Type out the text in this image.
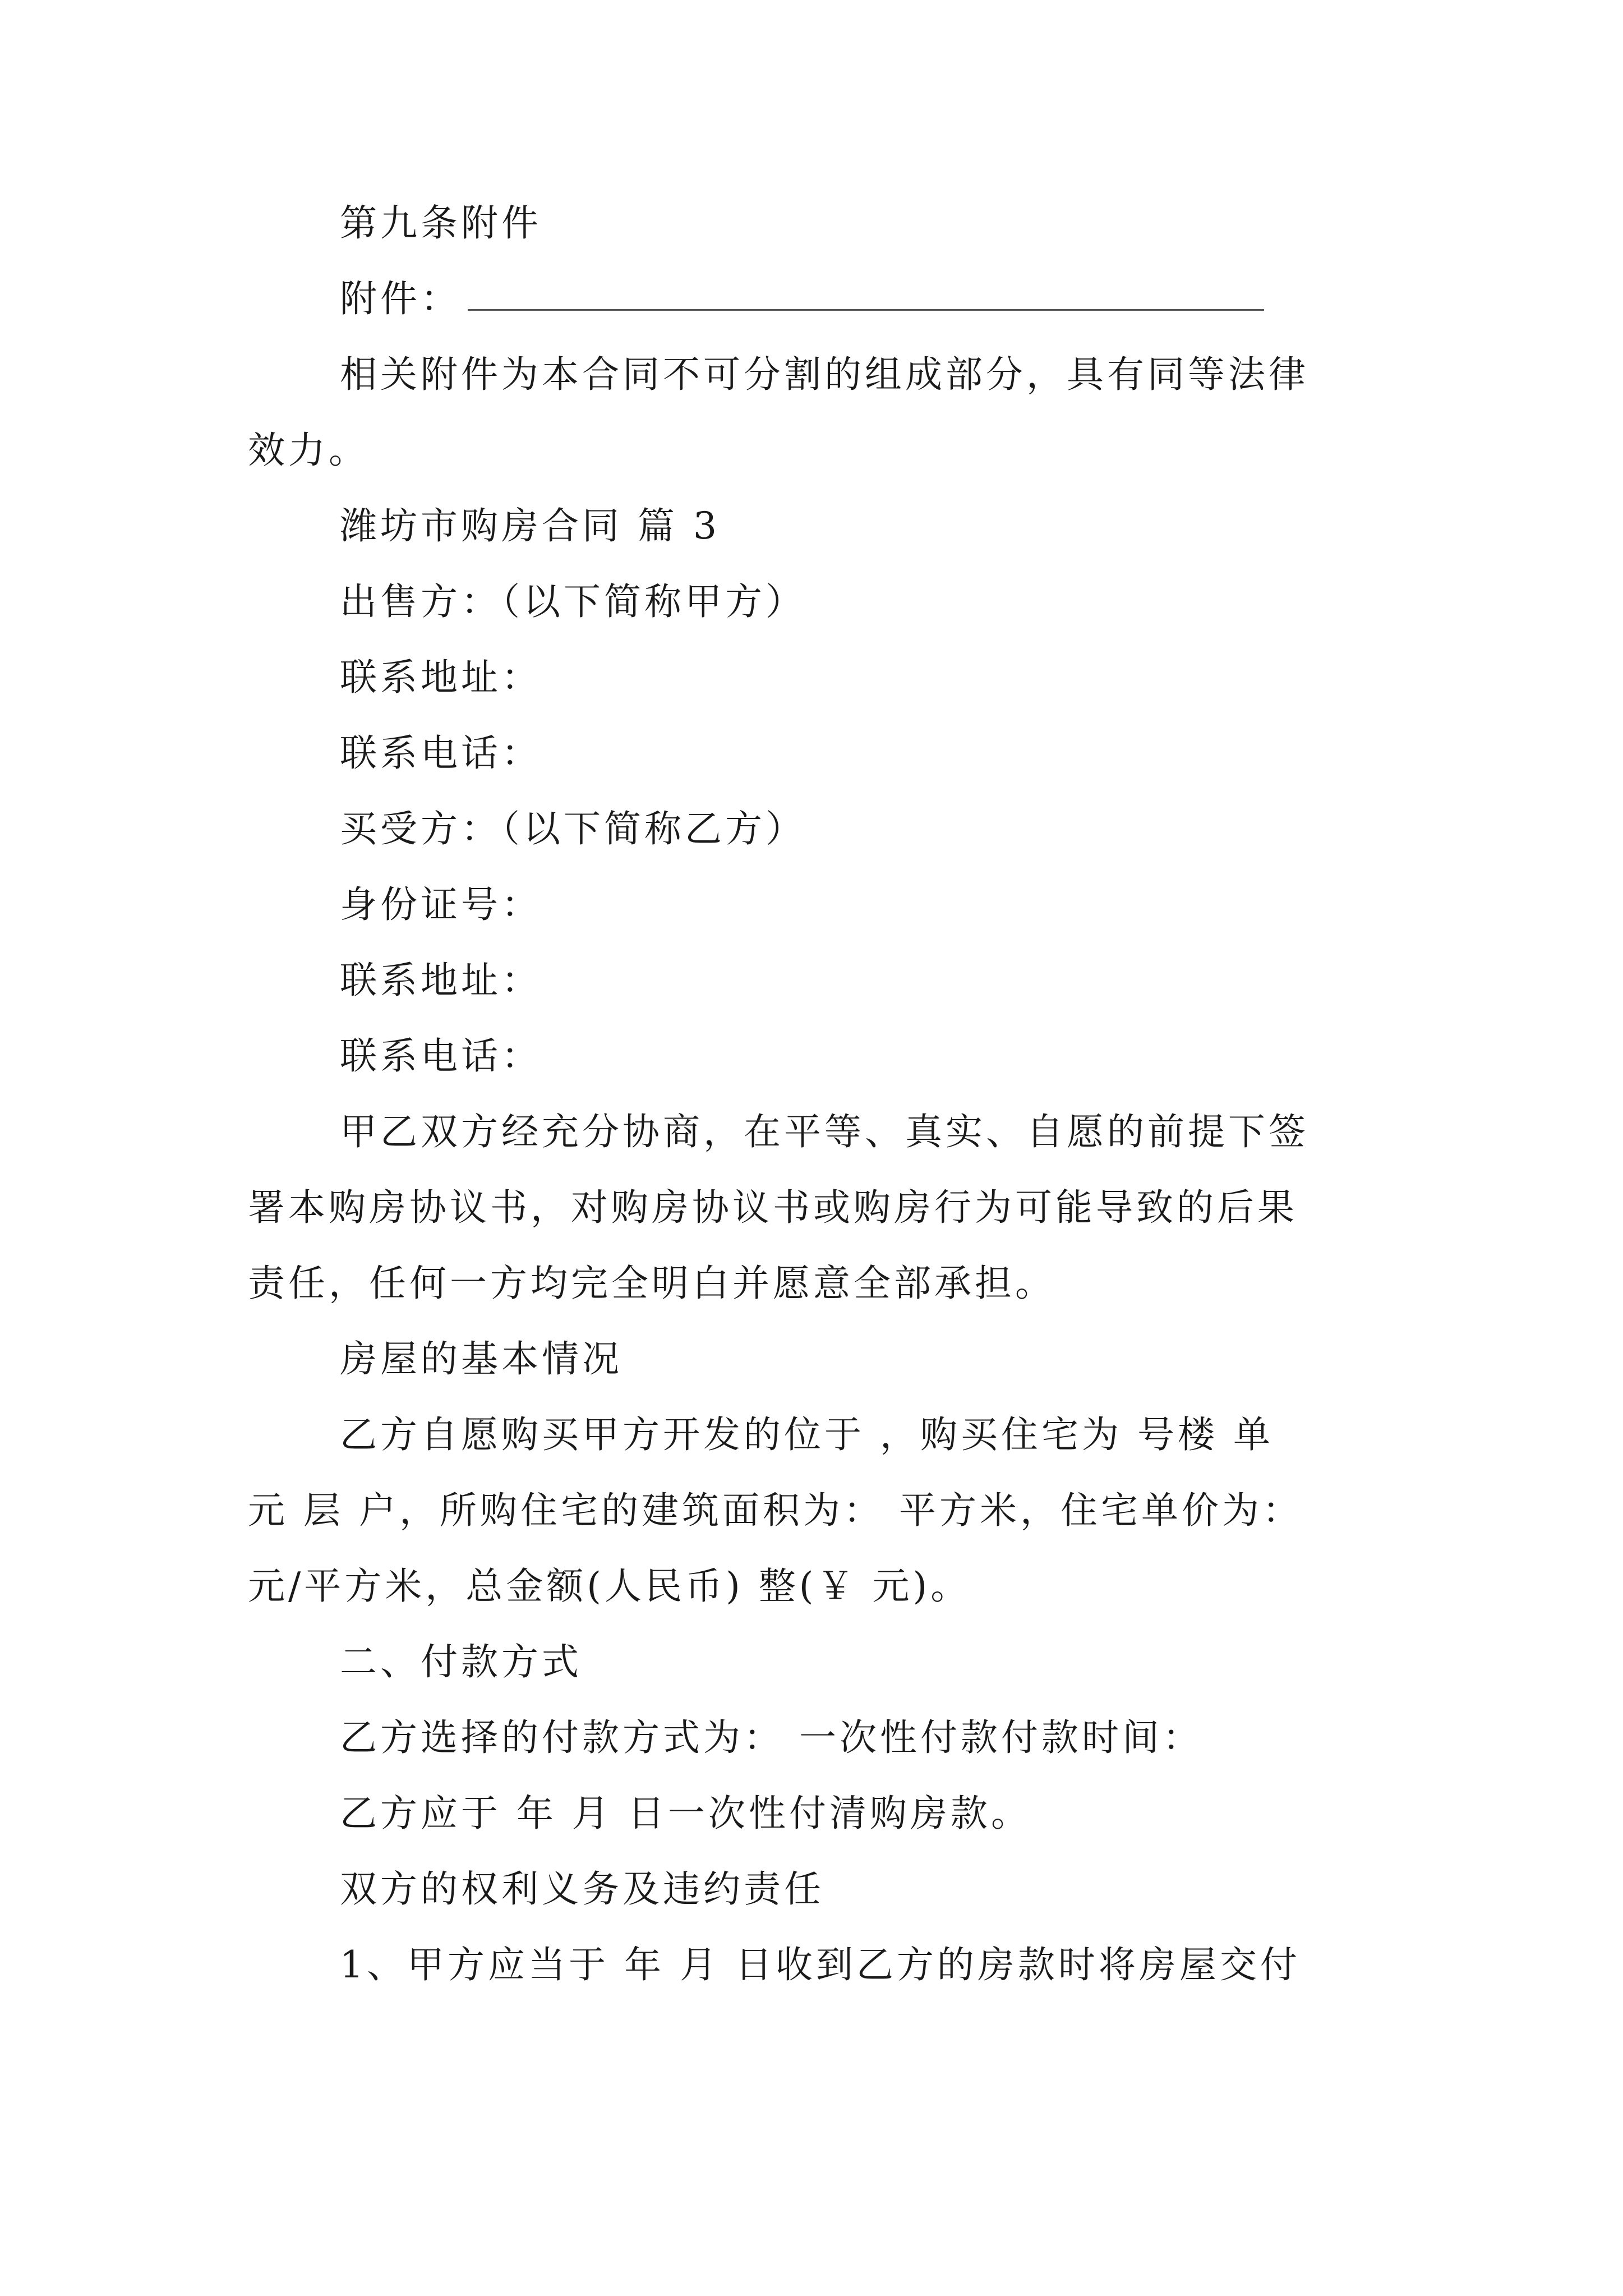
第九条附件
附件：
相关附件为本合同不可分割的组成部分，具有同等法律
效力。
潍坊市购房合同 篇 3
出售方：（以下简称甲方）
联系地址：
联系电话：
买受方：（以下简称乙方）
身份证号：
联系地址：
联系电话：
甲乙双方经充分协商，在平等、真实、自愿的前提下签
署本购房协议书，对购房协议书或购房行为可能导致的后果
责任，任何一方均完全明白并愿意全部承担。
房屋的基本情况
乙方自愿购买甲方开发的位于 ，购买住宅为 号楼 单
元 层 户，所购住宅的建筑面积为： 平方米，住宅单价为：
元/平方米，总金额(人民币) 整(￥ 元)。
二、付款方式
乙方选择的付款方式为： 一次性付款付款时间：
乙方应于 年 月 日一次性付清购房款。
双方的权利义务及违约责任
1、甲方应当于 年 月 日收到乙方的房款时将房屋交付
